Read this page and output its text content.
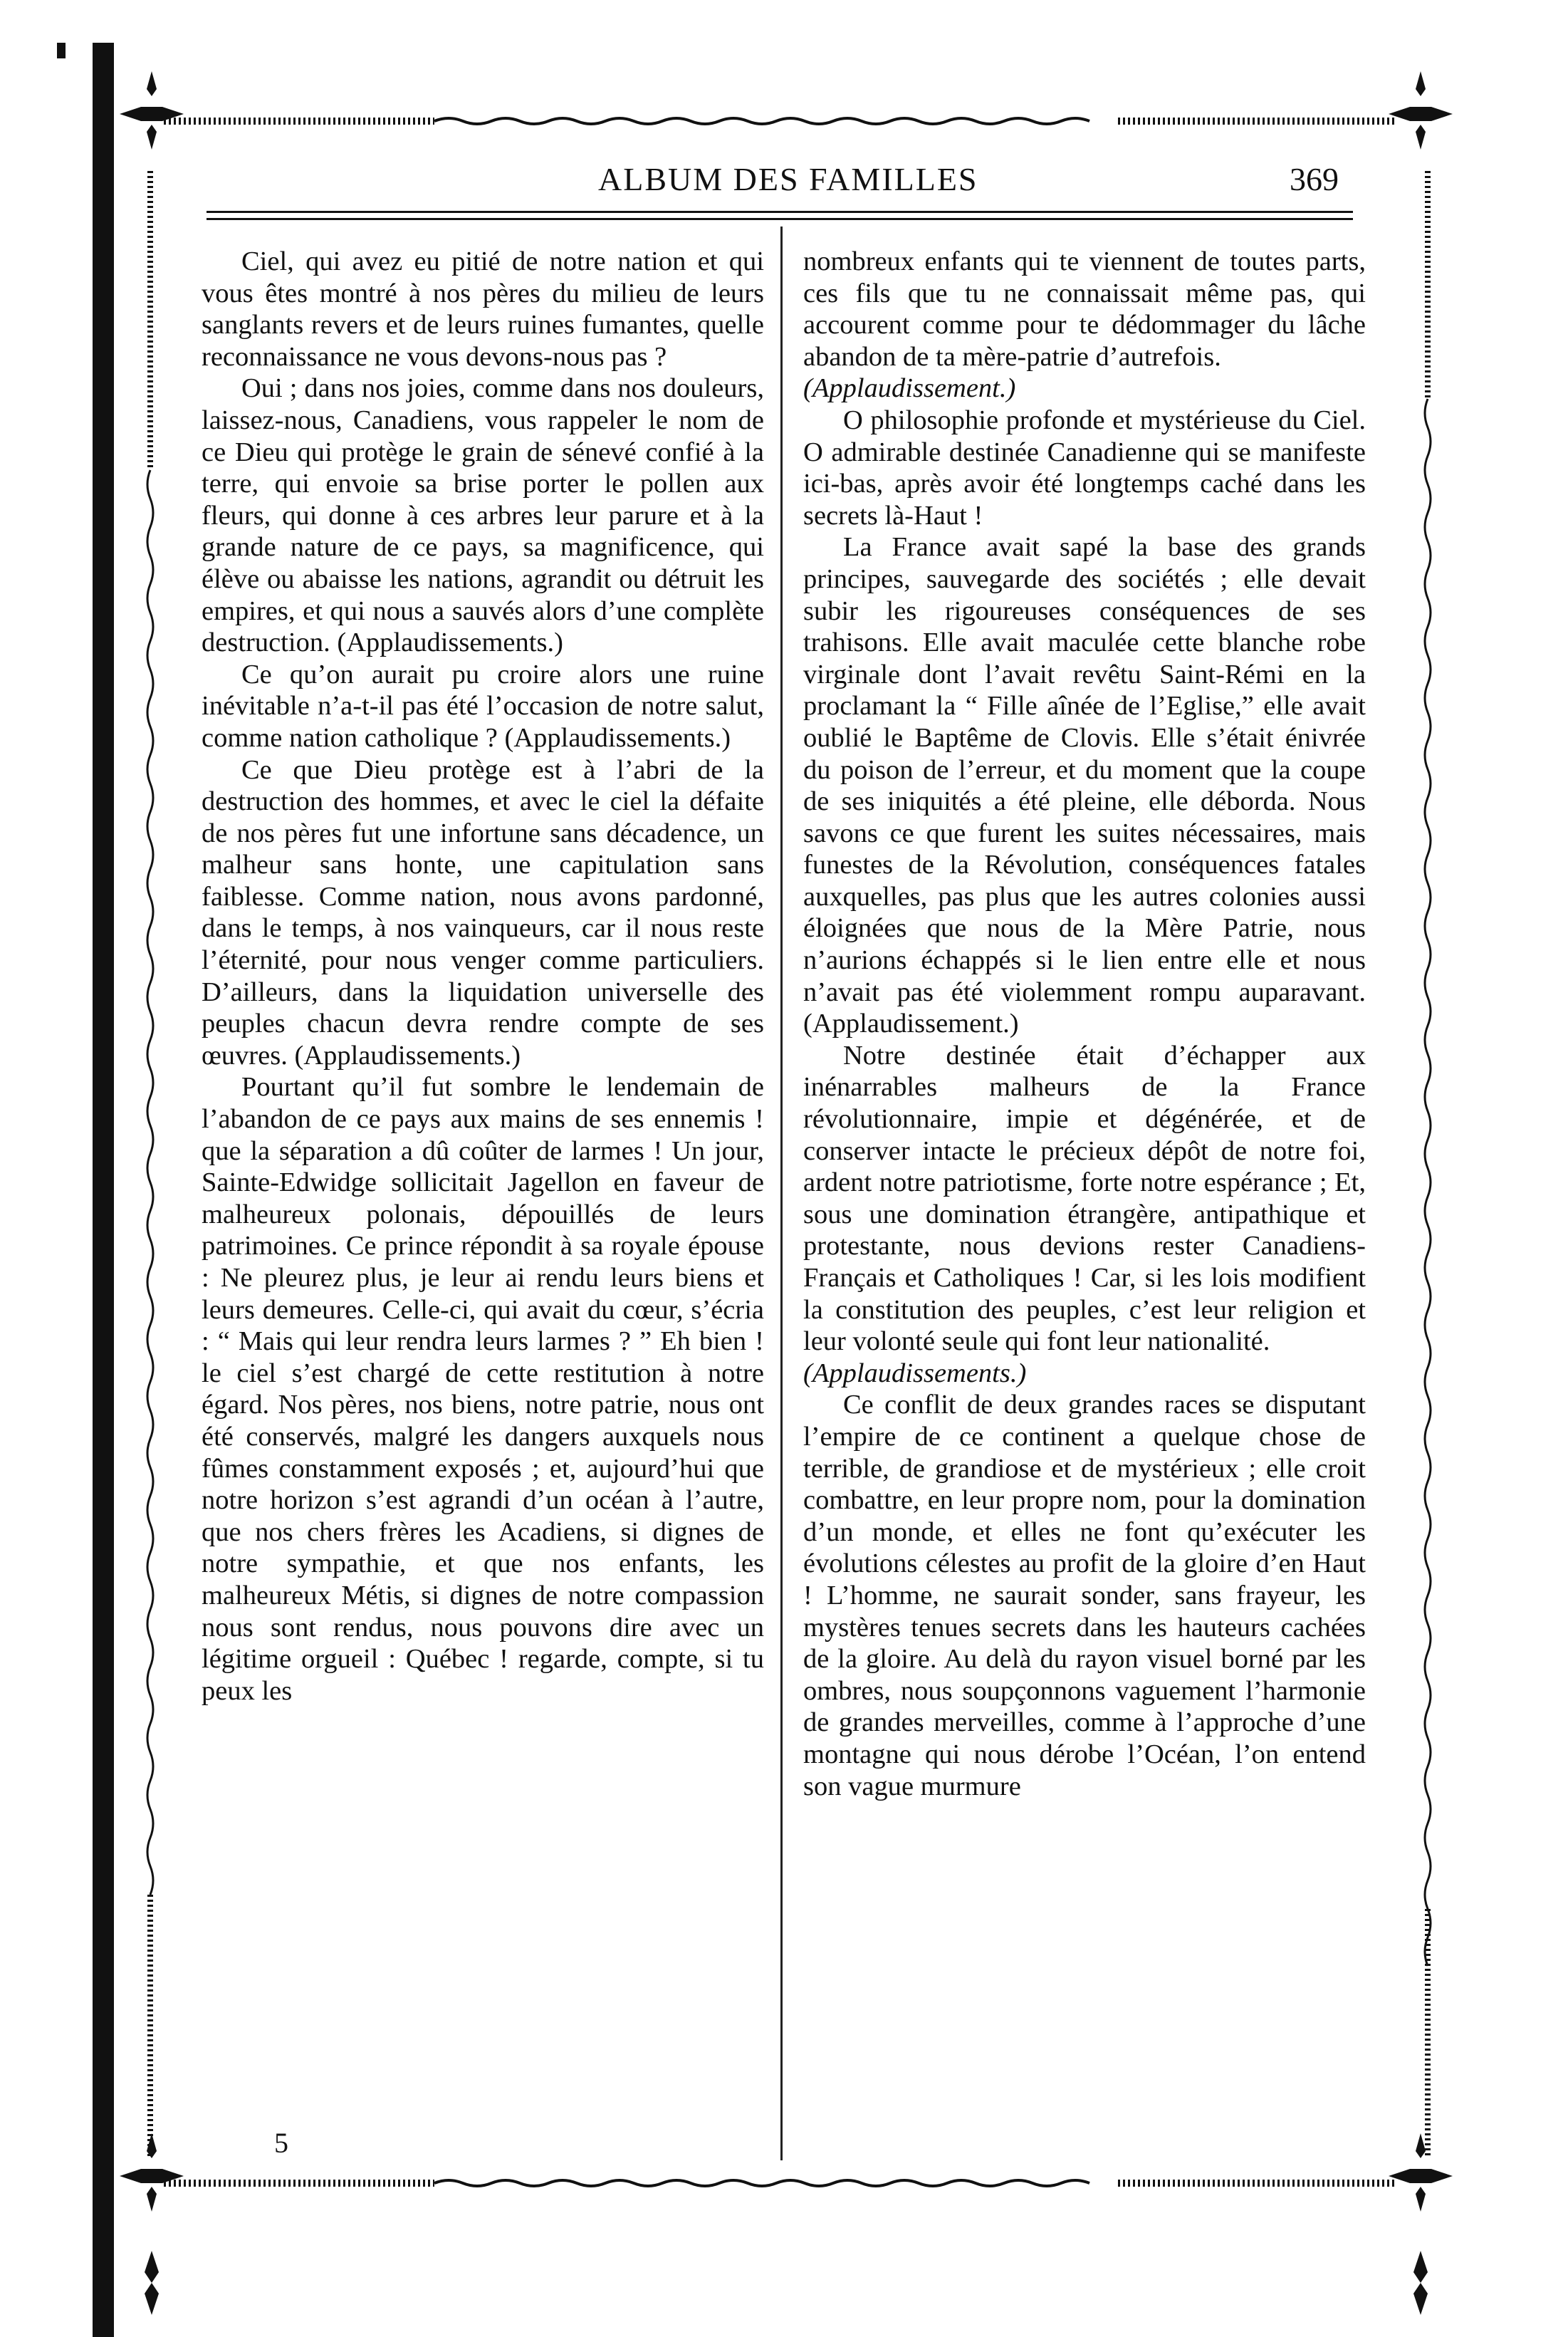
ALBUM DES FAMILLES	369

Ciel, qui avez eu pitié de notre nation et qui vous êtes montré à nos pères du milieu de leurs sanglants revers et de leurs ruines fumantes, quelle reconnaissance ne vous devons-nous pas ?

Oui ; dans nos joies, comme dans nos douleurs, laissez-nous, Canadiens, vous rappeler le nom de ce Dieu qui protège le grain de sénevé confié à la terre, qui envoie sa brise porter le pollen aux fleurs, qui donne à ces arbres leur parure et à la grande nature de ce pays, sa magnificence, qui élève ou abaisse les nations, agrandit ou détruit les empires, et qui nous a sauvés alors d’une complète destruction. (Applaudissements.)

Ce qu’on aurait pu croire alors une ruine inévitable n’a-t-il pas été l’occasion de notre salut, comme nation catholique ? (Applaudissements.)

Ce que Dieu protège est à l’abri de la destruction des hommes, et avec le ciel la défaite de nos pères fut une infortune sans décadence, un malheur sans honte, une capitulation sans faiblesse. Comme nation, nous avons pardonné, dans le temps, à nos vainqueurs, car il nous reste l’éternité, pour nous venger comme particuliers. D’ailleurs, dans la liquidation universelle des peuples chacun devra rendre compte de ses œuvres. (Applaudissements.)

Pourtant qu’il fut sombre le lendemain de l’abandon de ce pays aux mains de ses ennemis ! que la séparation a dû coûter de larmes ! Un jour, Sainte-Edwidge sollicitait Jagellon en faveur de malheureux polonais, dépouillés de leurs patrimoines. Ce prince répondit à sa royale épouse : Ne pleurez plus, je leur ai rendu leurs biens et leurs demeures. Celle-ci, qui avait du cœur, s’écria : “ Mais qui leur rendra leurs larmes ? ” Eh bien ! le ciel s’est chargé de cette restitution à notre égard. Nos pères, nos biens, notre patrie, nous ont été conservés, malgré les dangers auxquels nous fûmes constamment exposés ; et, aujourd’hui que notre horizon s’est agrandi d’un océan à l’autre, que nos chers frères les Acadiens, si dignes de notre sympathie, et que nos enfants, les malheureux Métis, si dignes de notre compassion nous sont rendus, nous pouvons dire avec un légitime orgueil : Québec ! regarde, compte, si tu peux les

nombreux enfants qui te viennent de toutes parts, ces fils que tu ne connaissait même pas, qui accourent comme pour te dédommager du lâche abandon de ta mère-patrie d’autrefois.

(Applaudissement.)

O philosophie profonde et mystérieuse du Ciel. O admirable destinée Canadienne qui se manifeste ici-bas, après avoir été longtemps caché dans les secrets là-Haut !

La France avait sapé la base des grands principes, sauvegarde des sociétés ; elle devait subir les rigoureuses conséquences de ses trahisons. Elle avait maculée cette blanche robe virginale dont l’avait revêtu Saint-Rémi en la proclamant la “ Fille aînée de l’Eglise,” elle avait oublié le Baptême de Clovis. Elle s’était énivrée du poison de l’erreur, et du moment que la coupe de ses iniquités a été pleine, elle déborda. Nous savons ce que furent les suites nécessaires, mais funestes de la Révolution, conséquences fatales auxquelles, pas plus que les autres colonies aussi éloignées que nous de la Mère Patrie, nous n’aurions échappés si le lien entre elle et nous n’avait pas été violemment rompu auparavant. (Applaudissement.)

Notre destinée était d’échapper aux inénarrables malheurs de la France révolutionnaire, impie et dégénérée, et de conserver intacte le précieux dépôt de notre foi, ardent notre patriotisme, forte notre espérance ; Et, sous une domination étrangère, antipathique et protestante, nous devions rester Canadiens-Français et Catholiques ! Car, si les lois modifient la constitution des peuples, c’est leur religion et leur volonté seule qui font leur nationalité.

(Applaudissements.)

Ce conflit de deux grandes races se disputant l’empire de ce continent a quelque chose de terrible, de grandiose et de mystérieux ; elle croit combattre, en leur propre nom, pour la domination d’un monde, et elles ne font qu’exécuter les évolutions célestes au profit de la gloire d’en Haut ! L’homme, ne saurait sonder, sans frayeur, les mystères tenues secrets dans les hauteurs cachées de la gloire. Au delà du rayon visuel borné par les ombres, nous soupçonnons vaguement l’harmonie de grandes merveilles, comme à l’approche d’une montagne qui nous dérobe l’Océan, l’on entend son vague murmure

5
